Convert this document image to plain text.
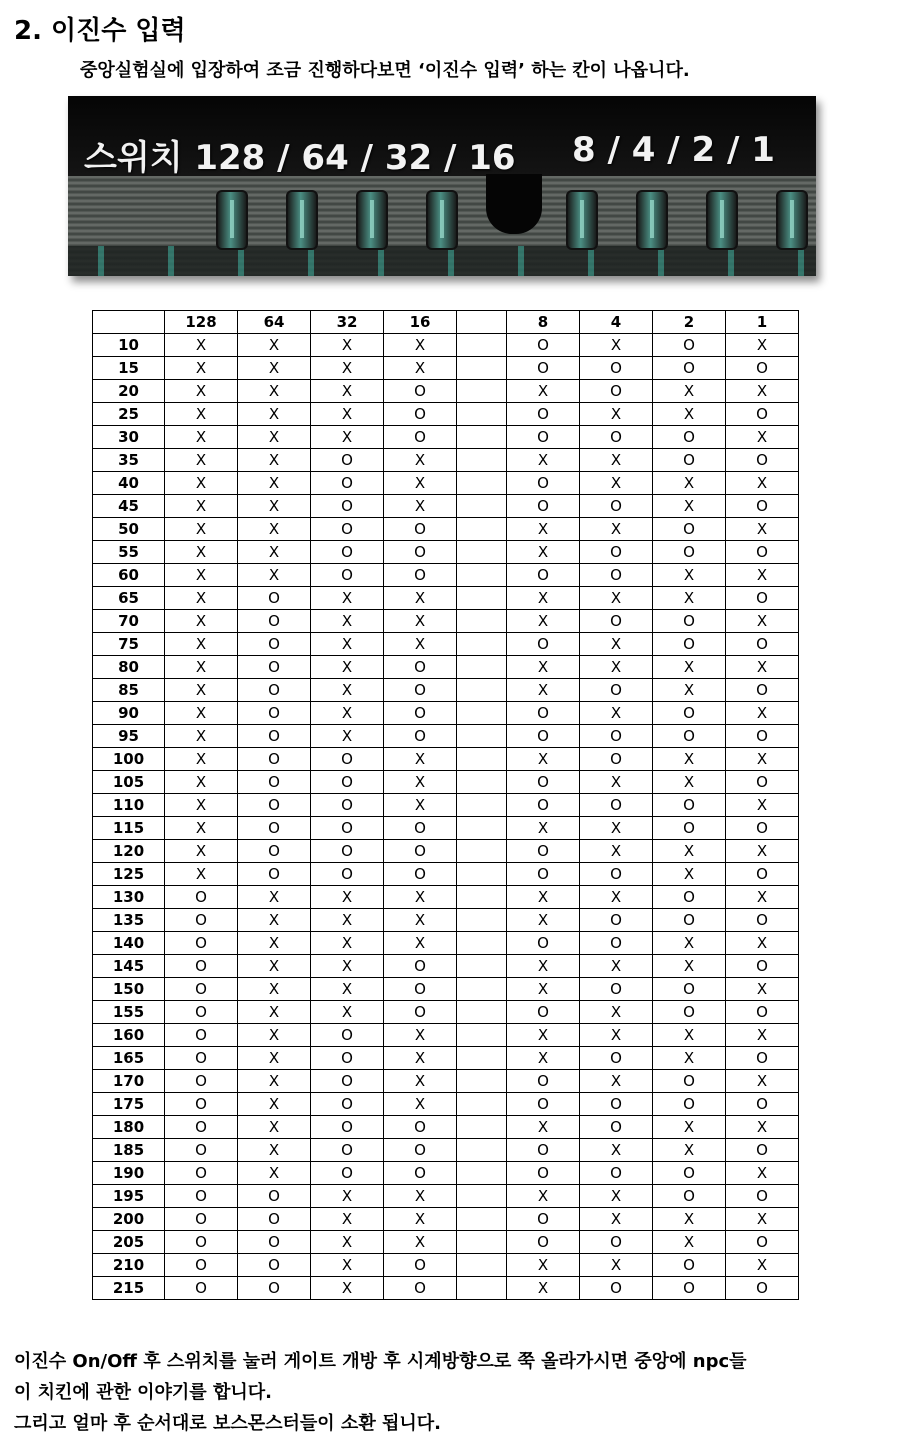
2. 이진수 입력
중앙실험실에 입장하여 조금 진행하다보면 ‘이진수 입력’ 하는 칸이 나옵니다.
스위치 128 / 64 / 32 / 16 8 / 4 / 2 / 1
	128	64	32	16		8	4	2	1
10	X	X	X	X		O	X	O	X
15	X	X	X	X		O	O	O	O
20	X	X	X	O		X	O	X	X
25	X	X	X	O		O	X	X	O
30	X	X	X	O		O	O	O	X
35	X	X	O	X		X	X	O	O
40	X	X	O	X		O	X	X	X
45	X	X	O	X		O	O	X	O
50	X	X	O	O		X	X	O	X
55	X	X	O	O		X	O	O	O
60	X	X	O	O		O	O	X	X
65	X	O	X	X		X	X	X	O
70	X	O	X	X		X	O	O	X
75	X	O	X	X		O	X	O	O
80	X	O	X	O		X	X	X	X
85	X	O	X	O		X	O	X	O
90	X	O	X	O		O	X	O	X
95	X	O	X	O		O	O	O	O
100	X	O	O	X		X	O	X	X
105	X	O	O	X		O	X	X	O
110	X	O	O	X		O	O	O	X
115	X	O	O	O		X	X	O	O
120	X	O	O	O		O	X	X	X
125	X	O	O	O		O	O	X	O
130	O	X	X	X		X	X	O	X
135	O	X	X	X		X	O	O	O
140	O	X	X	X		O	O	X	X
145	O	X	X	O		X	X	X	O
150	O	X	X	O		X	O	O	X
155	O	X	X	O		O	X	O	O
160	O	X	O	X		X	X	X	X
165	O	X	O	X		X	O	X	O
170	O	X	O	X		O	X	O	X
175	O	X	O	X		O	O	O	O
180	O	X	O	O		X	O	X	X
185	O	X	O	O		O	X	X	O
190	O	X	O	O		O	O	O	X
195	O	O	X	X		X	X	O	O
200	O	O	X	X		O	X	X	X
205	O	O	X	X		O	O	X	O
210	O	O	X	O		X	X	O	X
215	O	O	X	O		X	O	O	O
이진수 On/Off 후 스위치를 눌러 게이트 개방 후 시계방향으로 쭉 올라가시면 중앙에 npc들
이 치킨에 관한 이야기를 합니다.
그리고 얼마 후 순서대로 보스몬스터들이 소환 됩니다.
